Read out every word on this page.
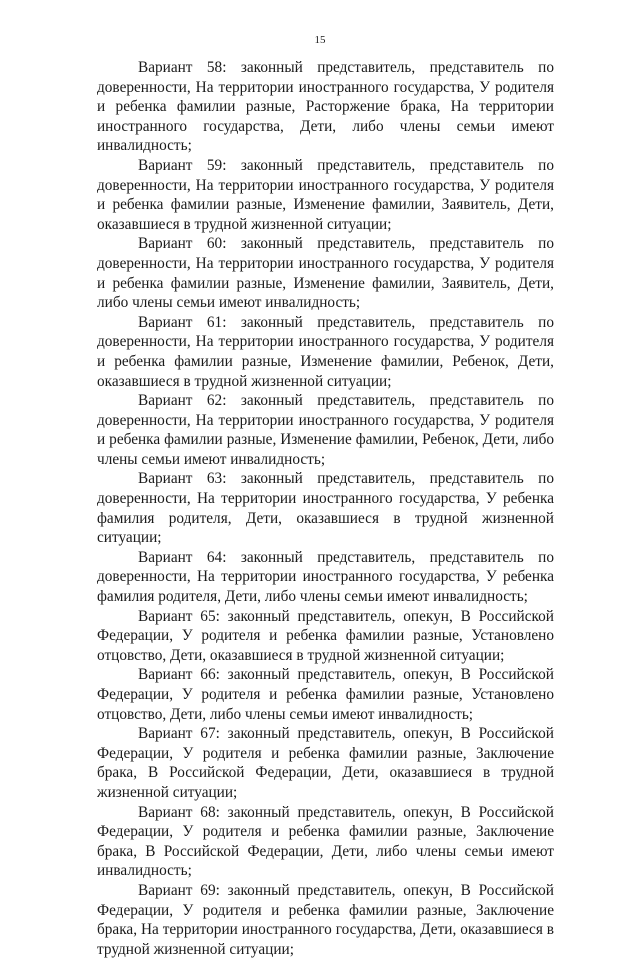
15

Вариант 58: законный представитель, представитель по доверенности, На территории иностранного государства, У родителя и ребенка фамилии разные, Расторжение брака, На территории иностранного государства, Дети, либо члены семьи имеют инвалидность;

Вариант 59: законный представитель, представитель по доверенности, На территории иностранного государства, У родителя и ребенка фамилии разные, Изменение фамилии, Заявитель, Дети, оказавшиеся в трудной жизненной ситуации;

Вариант 60: законный представитель, представитель по доверенности, На территории иностранного государства, У родителя и ребенка фамилии разные, Изменение фамилии, Заявитель, Дети, либо члены семьи имеют инвалидность;

Вариант 61: законный представитель, представитель по доверенности, На территории иностранного государства, У родителя и ребенка фамилии разные, Изменение фамилии, Ребенок, Дети, оказавшиеся в трудной жизненной ситуации;

Вариант 62: законный представитель, представитель по доверенности, На территории иностранного государства, У родителя и ребенка фамилии разные, Изменение фамилии, Ребенок, Дети, либо члены семьи имеют инвалидность;

Вариант 63: законный представитель, представитель по доверенности, На территории иностранного государства, У ребенка фамилия родителя, Дети, оказавшиеся в трудной жизненной ситуации;

Вариант 64: законный представитель, представитель по доверенности, На территории иностранного государства, У ребенка фамилия родителя, Дети, либо члены семьи имеют инвалидность;

Вариант 65: законный представитель, опекун, В Российской Федерации, У родителя и ребенка фамилии разные, Установлено отцовство, Дети, оказавшиеся в трудной жизненной ситуации;

Вариант 66: законный представитель, опекун, В Российской Федерации, У родителя и ребенка фамилии разные, Установлено отцовство, Дети, либо члены семьи имеют инвалидность;

Вариант 67: законный представитель, опекун, В Российской Федерации, У родителя и ребенка фамилии разные, Заключение брака, В Российской Федерации, Дети, оказавшиеся в трудной жизненной ситуации;

Вариант 68: законный представитель, опекун, В Российской Федерации, У родителя и ребенка фамилии разные, Заключение брака, В Российской Федерации, Дети, либо члены семьи имеют инвалидность;

Вариант 69: законный представитель, опекун, В Российской Федерации, У родителя и ребенка фамилии разные, Заключение брака, На территории иностранного государства, Дети, оказавшиеся в трудной жизненной ситуации;
